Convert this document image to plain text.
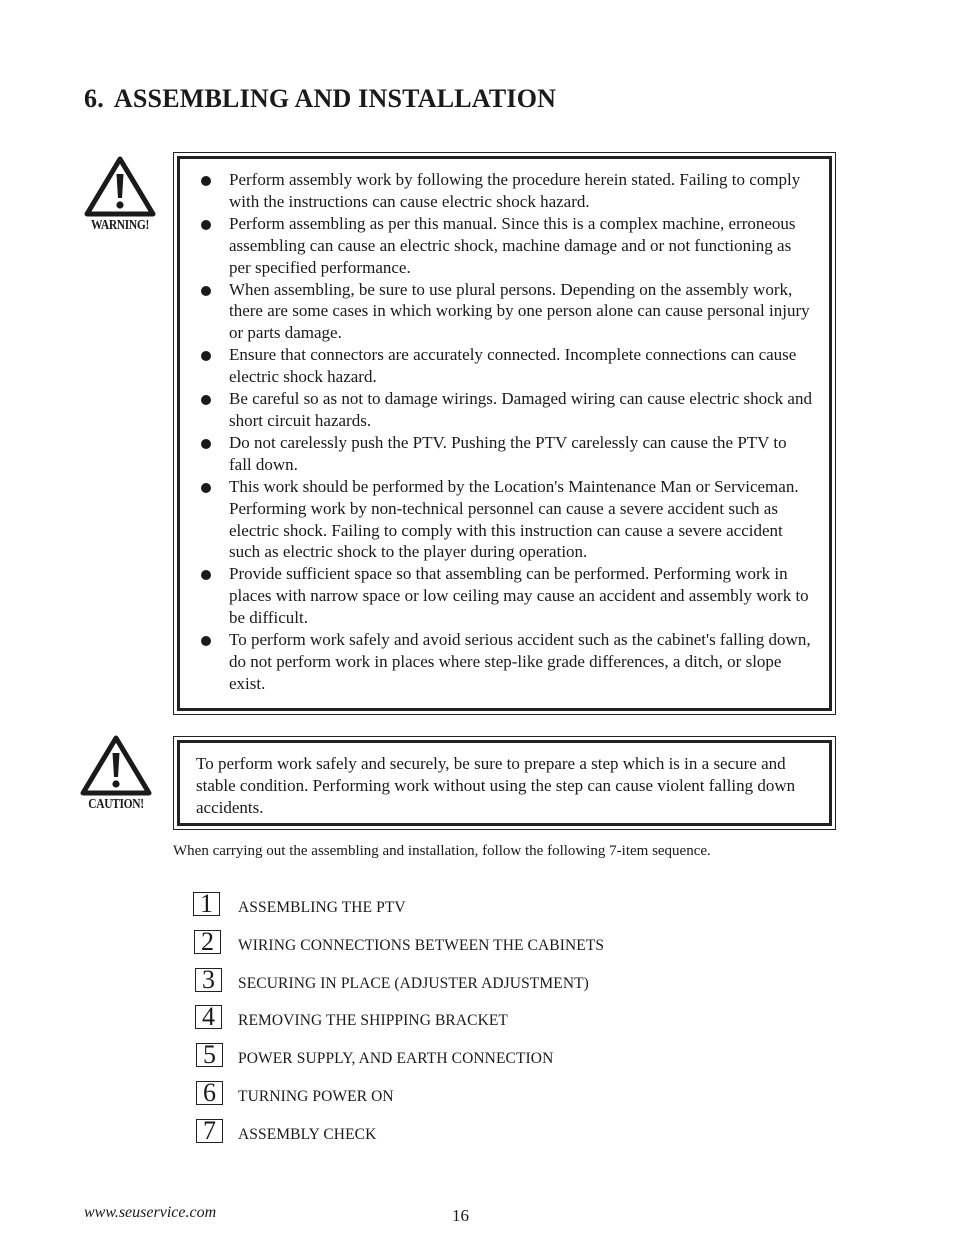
6. ASSEMBLING AND INSTALLATION
WARNING!
Perform assembly work by following the procedure herein stated. Failing to comply with the instructions can cause electric shock hazard.
Perform assembling as per this manual. Since this is a complex machine, erroneous assembling can cause an electric shock, machine damage and or not functioning as per specified performance.
When assembling, be sure to use plural persons. Depending on the assembly work, there are some cases in which working by one person alone can cause personal injury or parts damage.
Ensure that connectors are accurately connected. Incomplete connections can cause electric shock hazard.
Be careful so as not to damage wirings. Damaged wiring can cause electric shock and short circuit hazards.
Do not carelessly push the PTV. Pushing the PTV carelessly can cause the PTV to fall down.
This work should be performed by the Location's Maintenance Man or Serviceman. Performing work by non-technical personnel can cause a severe accident such as electric shock. Failing to comply with this instruction can cause a severe accident such as electric shock to the player during operation.
Provide sufficient space so that assembling can be performed. Performing work in places with narrow space or low ceiling may cause an accident and assembly work to be difficult.
To perform work safely and avoid serious accident such as the cabinet's falling down, do not perform work in places where step-like grade differences, a ditch, or slope exist.
CAUTION!

To perform work safely and securely, be sure to prepare a step which is in a secure and stable condition. Performing work without using the step can cause violent falling down accidents.

When carrying out the assembling and installation, follow the following 7-item sequence.
1	ASSEMBLING THE PTV
2	WIRING CONNECTIONS BETWEEN THE CABINETS
3	SECURING IN PLACE (ADJUSTER ADJUSTMENT)
4	REMOVING THE SHIPPING BRACKET
5	POWER SUPPLY, AND EARTH CONNECTION
6	TURNING POWER ON
7	ASSEMBLY CHECK
www.seuservice.com	16
